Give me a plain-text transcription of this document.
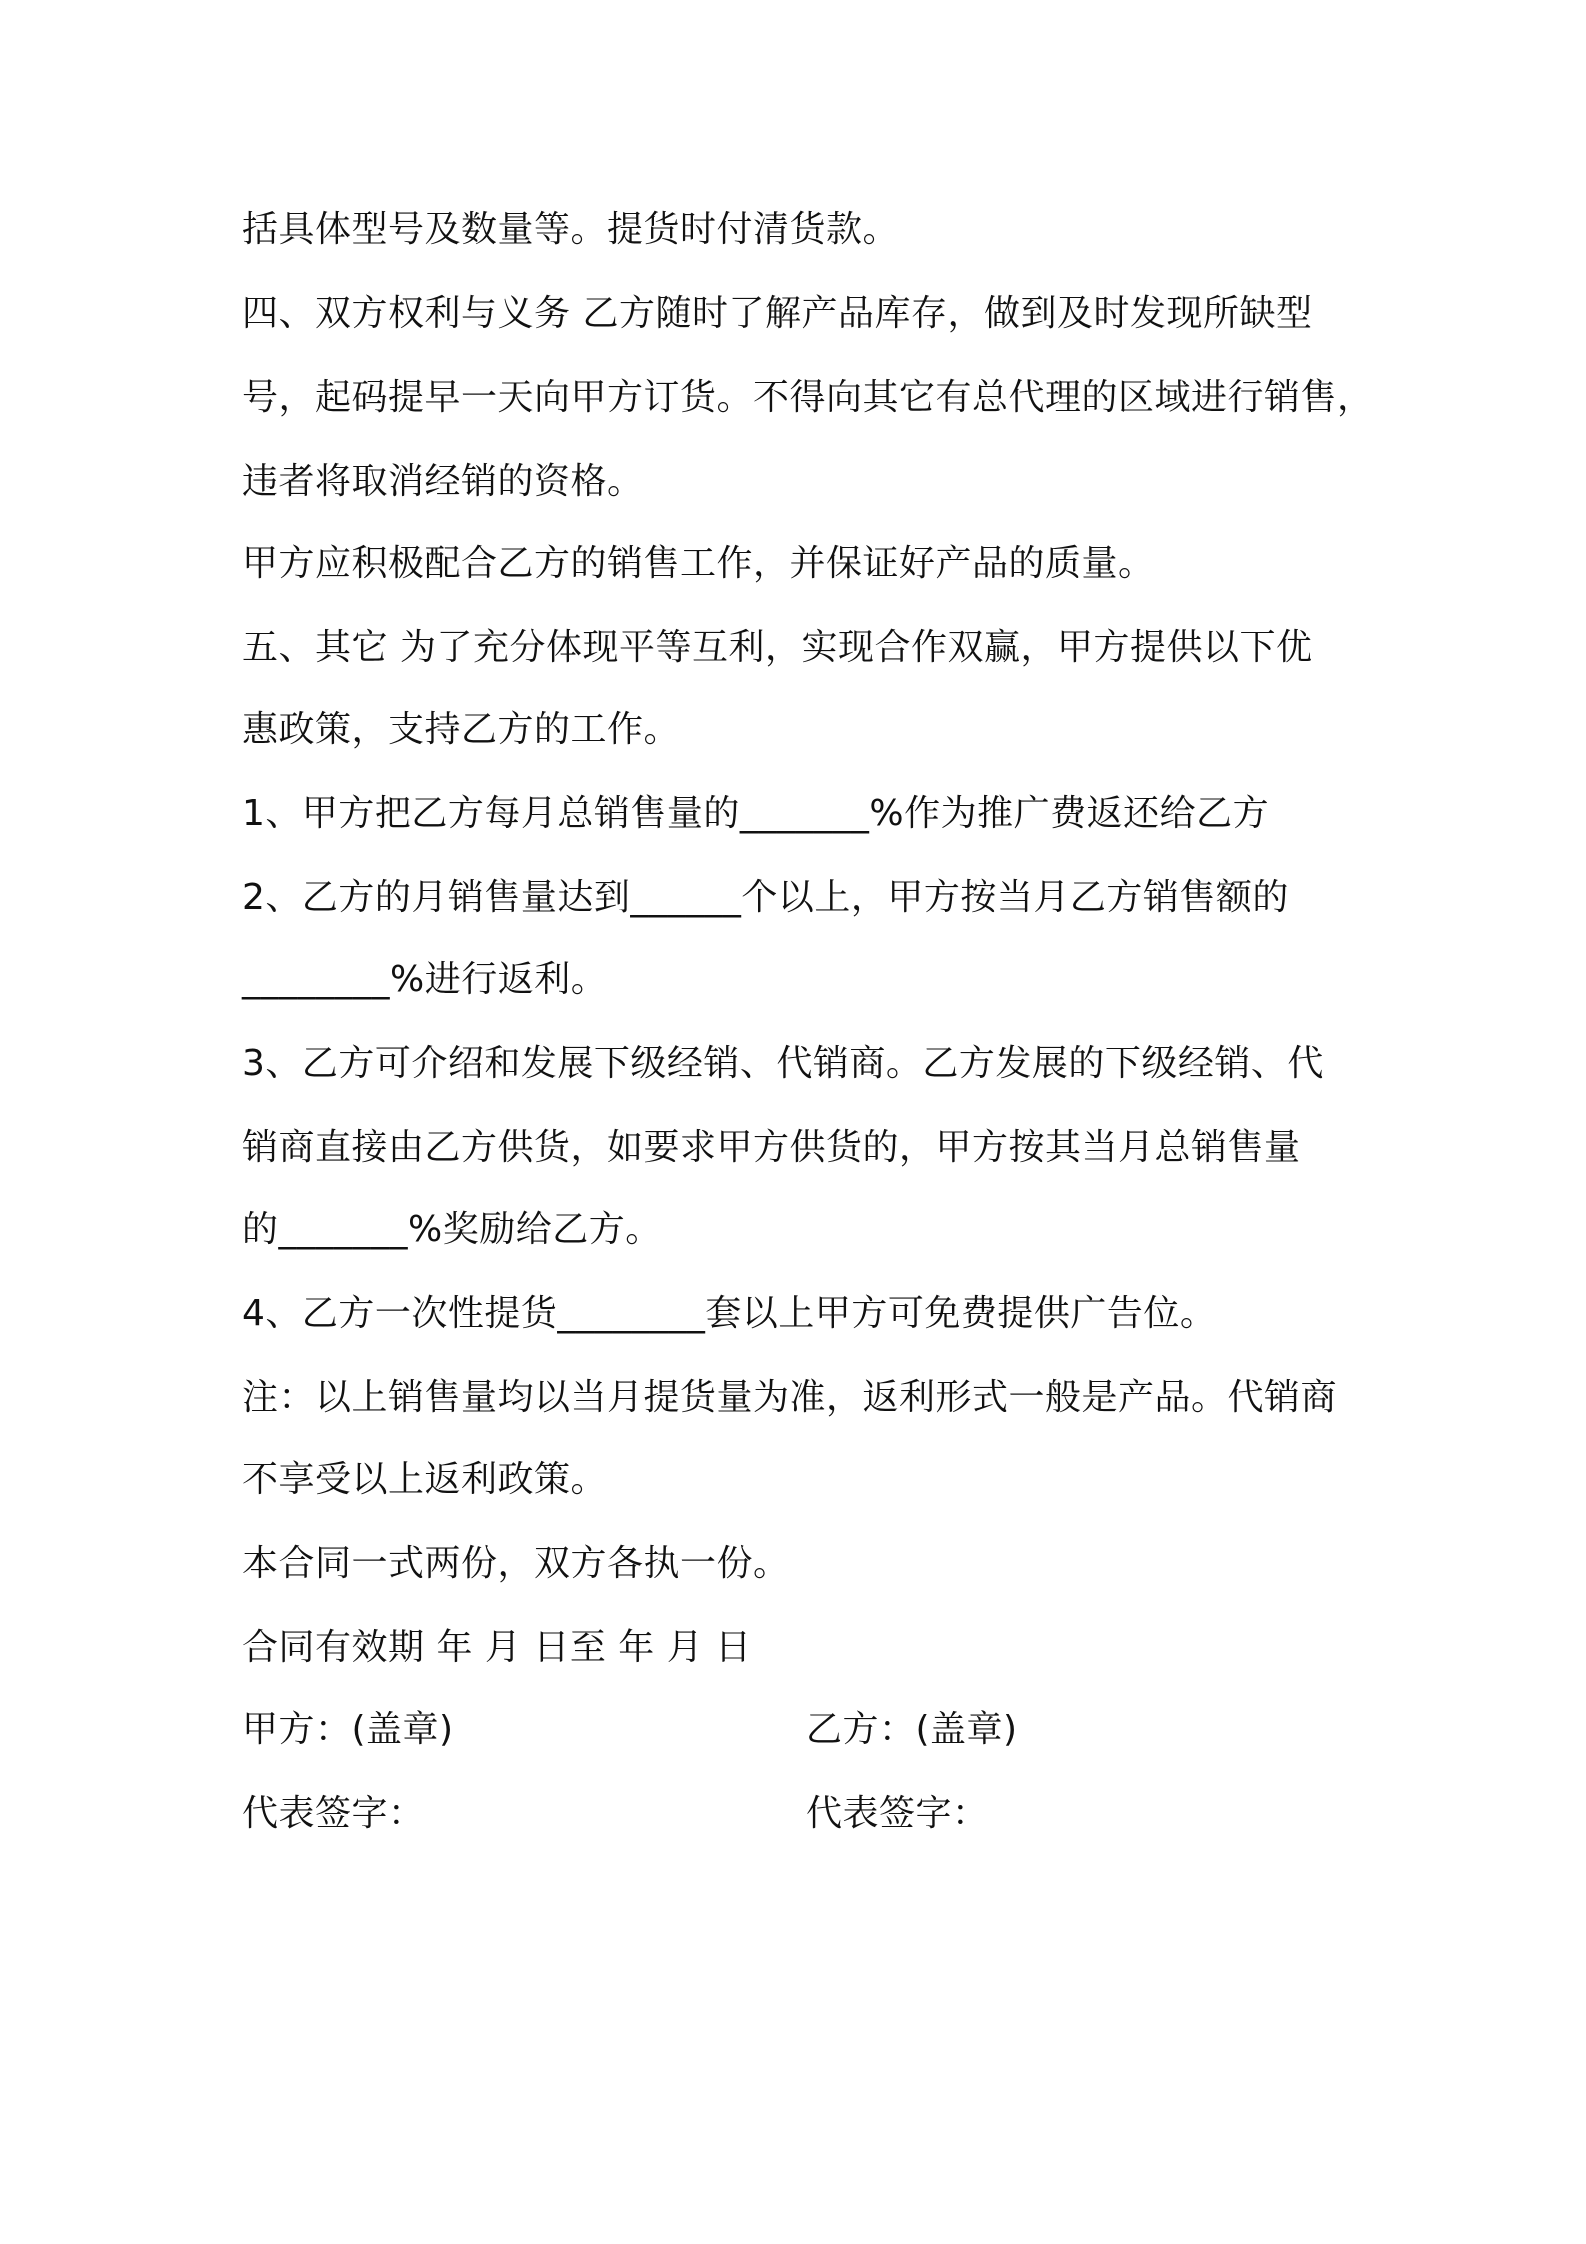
括具体型号及数量等。提货时付清货款。
四、双方权利与义务 乙方随时了解产品库存，做到及时发现所缺型
号，起码提早一天向甲方订货。不得向其它有总代理的区域进行销售，
违者将取消经销的资格。
甲方应积极配合乙方的销售工作，并保证好产品的质量。
五、其它 为了充分体现平等互利，实现合作双赢，甲方提供以下优
惠政策，支持乙方的工作。
1、甲方把乙方每月总销售量的_______%作为推广费返还给乙方
2、乙方的月销售量达到______个以上，甲方按当月乙方销售额的
________%进行返利。
3、乙方可介绍和发展下级经销、代销商。乙方发展的下级经销、代
销商直接由乙方供货，如要求甲方供货的，甲方按其当月总销售量
的_______%奖励给乙方。
4、乙方一次性提货________套以上甲方可免费提供广告位。
注：以上销售量均以当月提货量为准，返利形式一般是产品。代销商
不享受以上返利政策。
本合同一式两份，双方各执一份。
合同有效期 年 月 日至 年 月 日
甲方：(盖章)	乙方：(盖章)
代表签字：	代表签字：
